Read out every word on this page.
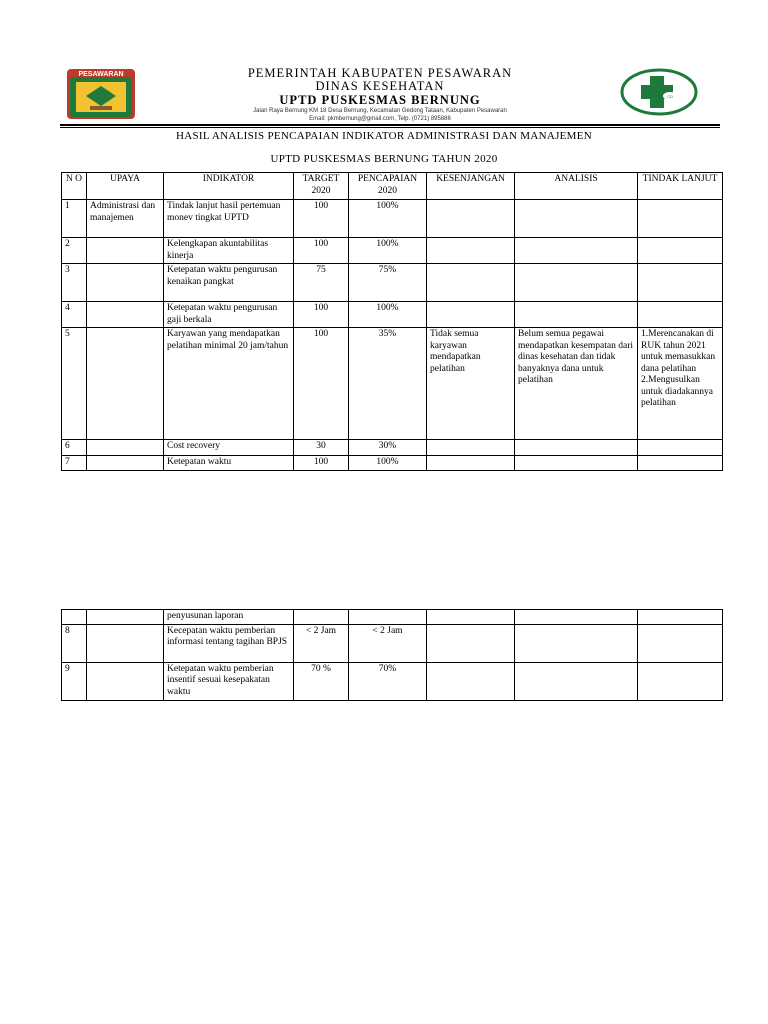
PESAWARAN	PEMERINTAH KABUPATEN PESAWARAN
DINAS KESEHATAN
UPTD PUSKESMAS BERNUNG
Jalan Raya Bernung KM 18 Desa Bernung, Kecamatan Gedong Tataan, Kabupaten Pesawaran
Email: pkmbernung@gmail.com, Telp. (0721) 895886
CD
HASIL ANALISIS PENCAPAIAN INDIKATOR ADMINISTRASI DAN MANAJEMEN
UPTD PUSKESMAS BERNUNG TAHUN 2020
N O	UPAYA	INDIKATOR	TARGET 2020	PENCAPAIAN 2020	KESENJANGAN	ANALISIS	TINDAK LANJUT
1	Administrasi dan manajemen	Tindak lanjut hasil pertemuan monev tingkat UPTD	100	100%			
2		Kelengkapan akuntabilitas kinerja	100	100%			
3		Ketepatan waktu pengurusan kenaikan pangkat	75	75%			
4		Ketepatan waktu pengurusan gaji berkala	100	100%			
5		Karyawan yang mendapatkan pelatihan minimal 20 jam/tahun	100	35%	Tidak semua karyawan mendapatkan pelatihan	Belum semua pegawai mendapatkan kesempatan dari dinas kesehatan dan tidak banyaknya dana untuk pelatihan	1.Merencanakan di RUK tahun 2021 untuk memasukkan dana pelatihan 2.Mengusulkan untuk diadakannya pelatihan
6		Cost recovery	30	30%			
7		Ketepatan waktu	100	100%			
		penyusunan laporan					
8		Kecepatan waktu pemberian informasi tentang tagihan BPJS	< 2 Jam	< 2 Jam			
9		Ketepatan waktu pemberian insentif sesuai kesepakatan waktu	70 %	70%			
